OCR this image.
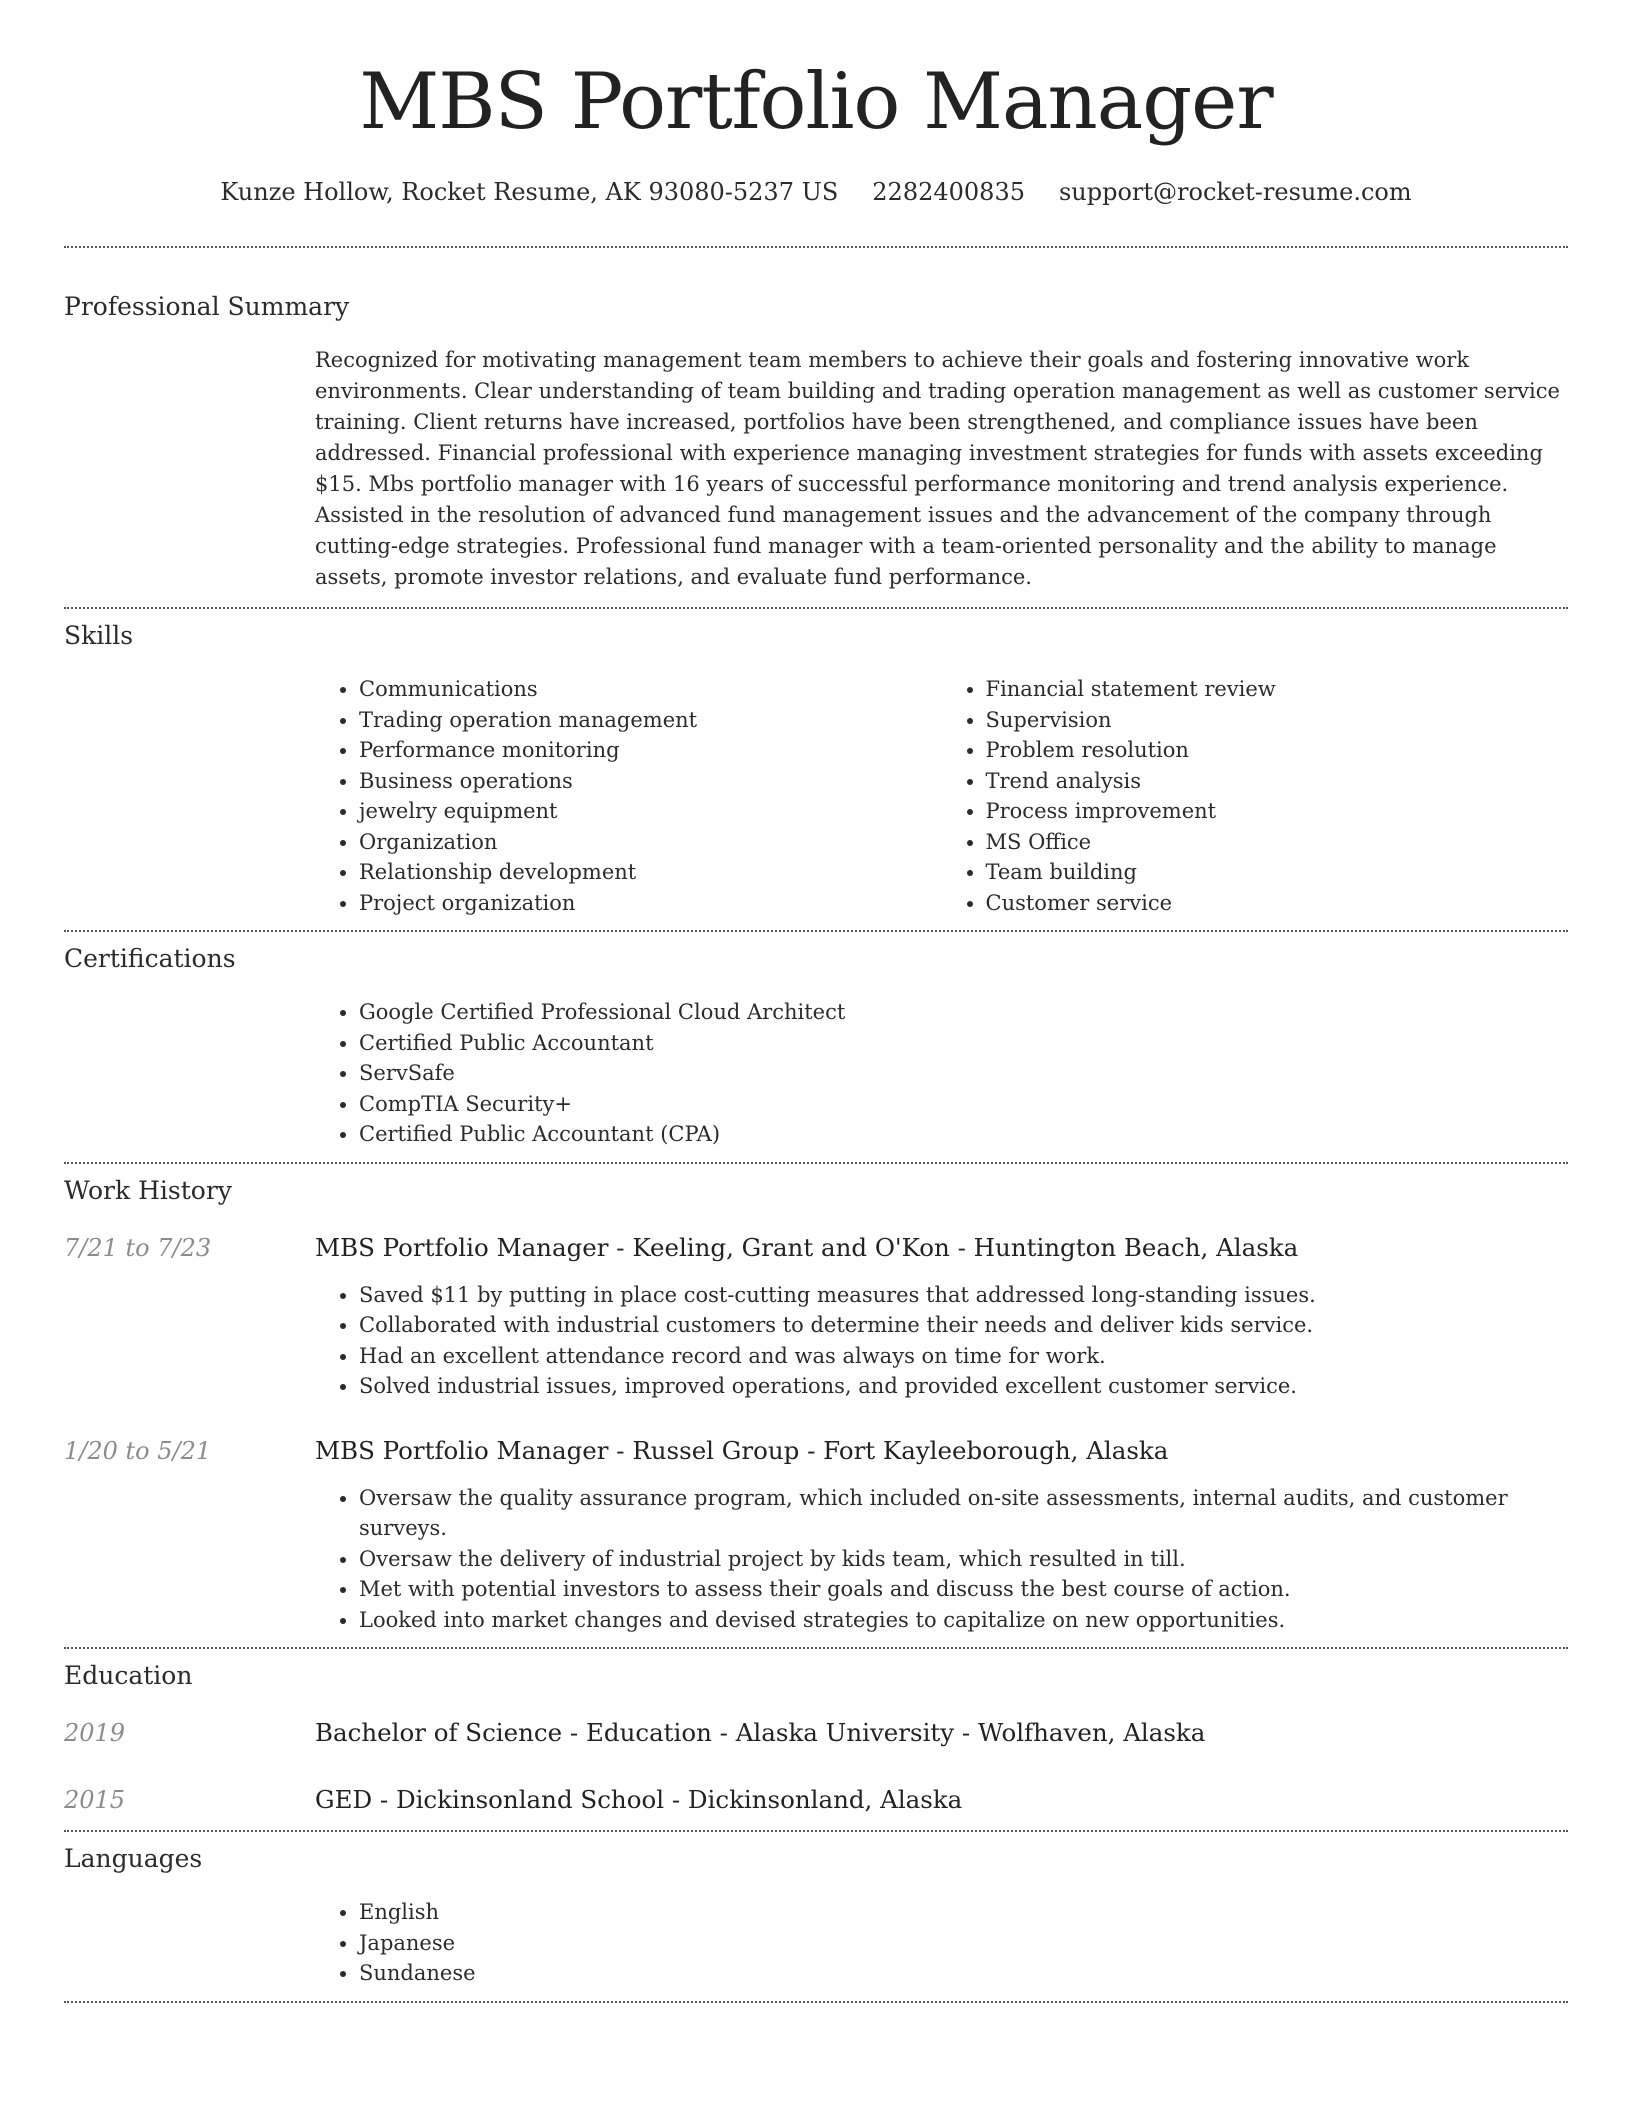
MBS Portfolio Manager
Kunze Hollow, Rocket Resume, AK 93080-5237 US 2282400835 support@rocket-resume.com
Professional Summary

Recognized for motivating management team members to achieve their goals and fostering innovative work environments. Clear understanding of team building and trading operation management as well as customer service training. Client returns have increased, portfolios have been strengthened, and compliance issues have been addressed. Financial professional with experience managing investment strategies for funds with assets exceeding $15. Mbs portfolio manager with 16 years of successful performance monitoring and trend analysis experience. Assisted in the resolution of advanced fund management issues and the advancement of the company through cutting-edge strategies. Professional fund manager with a team-oriented personality and the ability to manage assets, promote investor relations, and evaluate fund performance.

Skills
• Communications
• Trading operation management
• Performance monitoring
• Business operations
• jewelry equipment
• Organization
• Relationship development
• Project organization
• Financial statement review
• Supervision
• Problem resolution
• Trend analysis
• Process improvement
• MS Office
• Team building
• Customer service
Certifications
• Google Certified Professional Cloud Architect
• Certified Public Accountant
• ServSafe
• CompTIA Security+
• Certified Public Accountant (CPA)
Work History
7/21 to 7/23	MBS Portfolio Manager - Keeling, Grant and O'Kon - Huntington Beach, Alaska
• Saved $11 by putting in place cost-cutting measures that addressed long-standing issues.
• Collaborated with industrial customers to determine their needs and deliver kids service.
• Had an excellent attendance record and was always on time for work.
• Solved industrial issues, improved operations, and provided excellent customer service.
1/20 to 5/21	MBS Portfolio Manager - Russel Group - Fort Kayleeborough, Alaska
• Oversaw the quality assurance program, which included on-site assessments, internal audits, and customer surveys.
• Oversaw the delivery of industrial project by kids team, which resulted in till.
• Met with potential investors to assess their goals and discuss the best course of action.
• Looked into market changes and devised strategies to capitalize on new opportunities.
Education
2019	Bachelor of Science - Education - Alaska University - Wolfhaven, Alaska
2015	GED - Dickinsonland School - Dickinsonland, Alaska
Languages
• English
• Japanese
• Sundanese
